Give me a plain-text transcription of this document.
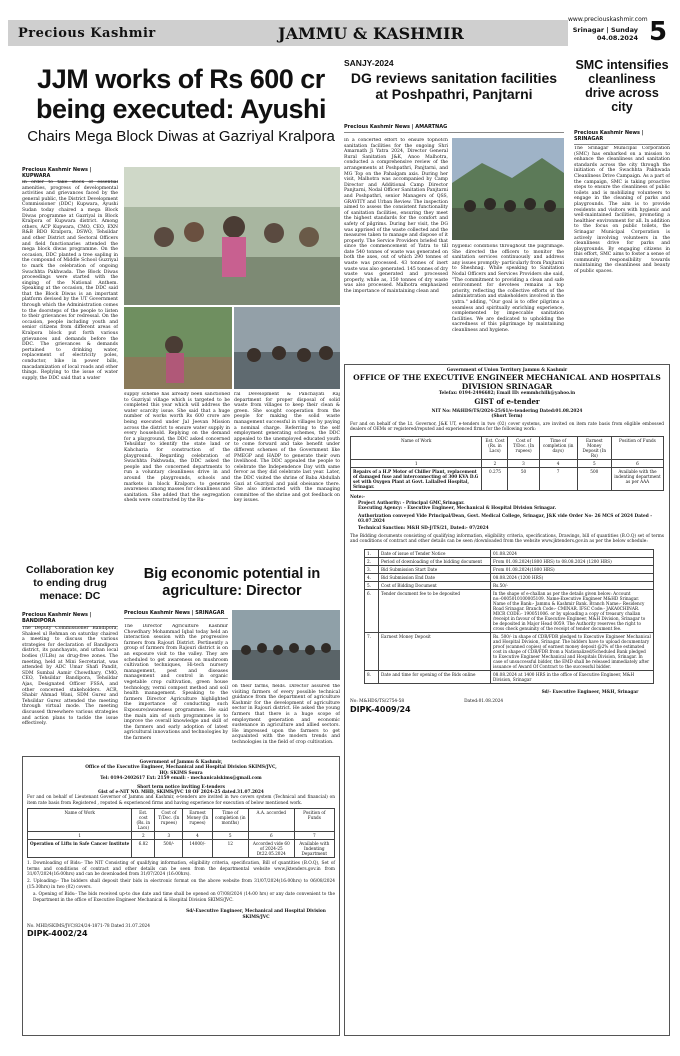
Precious Kashmir	JAMMU & KASHMIR
www.preciouskashmir.com
Srinagar | Sunday
04.08.2024 5
JJM works of Rs 600 cr being executed: Ayushi
Chairs Mega Block Diwas at Gazriyal Kralpora
Precious Kashmir News | KUPWARA
In order to take stock of essential amenities, progress of developmental activities and grievances faced by the general public, the District Development Commissioner (DDC) Kupwara, Ayushi Sudan today chaired a mega Block Diwas programme at Gazriyal in Block Kralpora of Kupwara district. Among others, ACP Kupwara, CMO, CEO, EXN R&B BDO Kralpora, DSWO, Tehsildar and other District and Sectoral Officers and field functionaries attended the mega block diwas programme. On the occasion, DDC planted a tree sapling in the compound of Middle School Guzriyal to mark the celebration of ongoing Swachhta Pakhwada. The Block Diwas proceedings were started with the singing of the National Anthem. Speaking at the occasion, the DDC said that the Block Diwas is an important platform devised by the UT Government through which the Administration comes to the doorsteps of the people to listen to their grievances for redressal. On the occasion, people including youth and senior citizens from different areas of Kralpora block put forth various grievances and demands before the DDC. The grievances & demands pertained to drinking water, replacement of electricity poles, conductor, bike in power bills, macadamization of local roads and other things. Replying to the issue of water supply, the DDC said that a water
supply scheme has already been sanctioned to Guzriyal village which is targeted to be completed this year which will address the water scarcity issue. She said that a huge number of works worth Rs 600 crore are being executed under Jal Jeevan Mission across the district to ensure water supply in every household. Replying on the demand for a playground, the DDC asked concerned Tehsildar to identify the state land or Kahcharia for construction of the playground. Regarding celebration of Swachhta Pakhwada, the DDC asked the people and the concerned departments to run a voluntary cleanliness drive in and around the playgrounds, schools and markets in block Kralpora to generate awareness among masses for cleanliness and sanitation. She added that the segregation sheds were constructed by the Ru-
ral Development & Panchayati Raj department for proper disposal of solid waste from villages to keep their clean & green. She sought cooperation from the people for making the solid waste management successful in villages by paying a nominal charge. Referring to the self employment generating schemes, the DDC appealed to the unemployed educated youth to come forward and take benefit under different schemes of the Government like PMEGP and HADP to generate their own livelihood. The DDC appealed the people to celebrate the Independence Day with same fervor as they did celebrate last year. Later, the DDC visited the shrine of Baba Abdullah Gazi at Guzriyal and paid obeisance there. She also interacted with the managing committee of the shrine and got feedback on key issues.
SANJY-2024
DG reviews sanitation facilities at Poshpathri, Panjtarni
Precious Kashmir News | AMARTNAG
In a concerted effort to ensure topnotch sanitation facilities for the ongoing Shri Amarnath Ji Yatra 2024, Director General Rural Sanitation J&K, Anoo Malhotra, conducted a comprehensive review of the arrangements at Poshpathri, Panjtarni, and MG Top on the Pahalgam axis. During her visit, Malhotra was accompanied by Camp Director and Additional Camp Director Panjtarni, Nodal Officer Sanitation Panjtarni and Poshpathri, senior Managers of QSS, GRAVITY and Urban Review. The inspection aimed to assess the consistent functionality of sanitation facilities, ensuring they meet the highest standards for the comfort and safety of pilgrims. During her visit, the DG was apprised of the waste collected and the measures taken to manage and dispose of it properly. The Service Providers briefed that since the commencement of Yatra to till date 540 tonnes of waste was generated on both the axes, out of which 290 tonnes of waste was processed. 43 tonnes of inert waste was also generated. 145 tonnes of dry waste was generated and processed properly, while as, 150 tonnes of dry waste was also processed. Malhotra emphasized the importance of maintaining clean and
hygienic conditions throughout the pilgrimage. She directed the officers to monitor the sanitation services continuously and address any issues promptly- particularly from Panjtarni to Sheshnag. While speaking to Sanitation Nodal Officers and Services Providers she said, "The commitment to providing a clean and safe environment for devotees remains a top priority, reflecting the collective efforts of the administration and stakeholders involved in the yatra." adding, "Our goal is to offer pilgrims a seamless and spiritually enriching experience, complemented by impeccable sanitation facilities. We are dedicated to upholding the sacredness of this pilgrimage by maintaining cleanliness and hygiene.
SMC intensifies cleanliness drive across city
Precious Kashmir News | SRINAGAR
The Srinagar Municipal Corporation (SMC) has embarked on a mission to enhance the cleanliness and sanitation standards across the city through the initiation of the Swachhta Pakhwada Cleanliness Drive Campaign. As a part of the campaign, SMC is taking proactive steps to ensure the cleanliness of public toilets and is mobilizing volunteers to engage in the cleaning of parks and playgrounds. The aim is to provide residents and visitors with hygienic and well-maintained facilities, promoting a healthier environment for all. In addition to the focus on public toilets, the Srinagar Municipal Corporation is actively involving volunteers in the cleanliness drive for parks and playgrounds. By engaging citizens in this effort, SMC aims to foster a sense of community responsibility towards maintaining the cleanliness and beauty of public spaces.
Collaboration key to ending drug menace: DC
Precious Kashmir News | BANDIPORA
The Deputy Commissioner Bandipora, Shakeel ul Rehman on saturday chaired a meeting to discuss the various strategies for declaration of Bandipora district, its panchayats, and urban local bodies (ULBs) as drug-free zones. The meeting, held at Mini Secretariat, was attended by ADC Umar Shafi Pandit, SDM Sumbal Aamir Chowdhary, CMO, CEO, Tehsildar Bandipora, Tehsildar Ajas, Designated Officer FSSA, and other concerned stakeholders. ACR, Shabir Ahmad Wani, SDM Gurez and Tehsildar Gurez attended the meeting through virtual mode. The meeting discussed threewhere various strategies and action plans to tackle the issue effectively.
Big economic potential in agriculture: Director
Precious Kashmir News | SRINAGAR
The Director Agriculture Kashmir Chowdhary Mohammad Iqbal today held an interaction session with the progressive farmers from Rajouri District. Pertinently a group of farmers from Rajouri district is on an exposure visit to the valley. They are scheduled to get awareness on mushroom cultivation techniques, Hi-tech nursery management, pest and diseases management and control in organic vegetable crop cultivation, green house technology, vermi compost method and soil health management. Speaking to the farmers Director Agriculture highlighted the importance of conducting such Exposure/awareness programmes. He said the main aim of such programmes is to improve the overall knowledge and skill of the farmers and early adoption of latest agricultural innovations and technologies by the farmers
on their farms, fields. Director assured the visiting farmers of every possible technical guidance from the department of agriculture Kashmir for the development of agriculture sector in Rajouri district. He asked the young farmers that there is a huge scope of employment generation and economic sustenance in agriculture and allied sectors. He impressed upon the farmers to get acquainted with the modern trends and technologies in the field of crop cultivation.
Government of Jammu & Kashmir,
Office of the Executive Engineer, Mechanical and Hospital Division SKIMS/JVC,
HQ: SKIMS Soura
Tel: 0194-2402617 Ext: 2159 email: - mechanicalskims@gmail.com
Short term notice inviting E-tenders
Gist of e-NIT NO. MHD, SKIMS/JVC 18 OF 2024-25 dated.31.07.2024
For and on behalf of Lieutenant Governor of Jammu and Kashmir, e-tenders are invited in two covers system (Technical and financial) on item rate basis from Registered , reputed & experienced firms and having experience for execution of below mentioned work.
Name of Work	Est. cost (Rs. in Lacs)	Cost of T/Doc. (In rupees)	Earnest Money (In rupees)	Time of completion (in months)	A.A. accorded	Position of Funds
1	2	3	4	5	6	7
Operation of Lifts in Safe Cancer Institute	6.82	500/-	14000/-	12	Accorded vide 60 of 2024-25 Dt22.05.2024	Available with Indenting Department
1. Downloading of Bids:- The NIT Consisting of qualifying information, eligibility criteria, specification, Bill of quantities (B.O.Q), Set of terms and conditions of contract and other details can be seen from the departmental website www.jktenders.gov.in from 31/07/2024(16:00hrs) and can be downloaded from 31/07/2024 (16:00hrs).
2. Uploading:- The bidders shall deposit their bids in electronic format on the above website from 31/07/2024(16:00hrs) to 06/08/2024 (15:30hrs) in two (02) covers.
a. Opening of Bids:- The bids received up-to due date and time shall be opened on 07/08/2024 (14:00 hrs) or any date convenient to the Department in the office of Executive Engineer Mechanical & Hospital Division SKIMS/JVC.
Sd/-Executive Engineer, Mechanical and Hospital Division SKIMS/JVC
No. MHD/SKIMS/JVC/824/24-1871-78 Dated 31.07.2024
DIPK-4002/24
Government of Union Territory Jammu & Kashmir
OFFICE OF THE EXECUTIVE ENGINEER MECHANICAL AND HOSPITALS DIVISION SRINAGAR
Telefax: 0194-2496682; Email ID: eemmhchilk@yahoo.in
GIST of e-tender
NIT No: M&HDS/TS/2024-25/61/e-tendering Dated:01.08.2024
(Short Term)
For and on behalf of the Lt. Governor, J&K UT, e-tenders in two (02) cover systems, are invited on item rate basis from eligible embossed dealers of OEMs or registered/reputed and experienced firms for the following work:
Name of Work	Est. Cost (Rs. in Lacs)	Cost of T/Doc. (In rupees)	Time of completion (in days)	Earnest Money Deposit (In Rs)	Position of Funds
1	2	3	4	5	6
Repairs of a H.P Motor of Chiller Plant, replacement of damaged fuse and interconnecting of 300 KVA D.G set with Oxygen Plant at Govt. LallaDed Hospital, Srinagar.	0.275	50	7	500	Available with the indenting department as per AAA
Note:-
Project Authority: - Principal GMC,Srinagar.
Executing Agency: - Executive Engineer, Mechanical & Hospital Division Srinagar.
Authorization conveyed Vide Principal/Dean, Govt. Medical College, Srinagar, J&K vide Order No- 26 MCS of 2024 Dated - 03.07.2024
Technical Sanction: M&H SD-J/TS/21, Dated:- 07/2024
The Bidding documents consisting of qualifying information, eligibility criteria, specifications, Drawings, bill of quantities (B.O.Q) set of terms and conditions of contract and other details can be seen /downloaded from the website www.jktenders.gov.in as per the below schedule:
1.	Date of issue of Tender Notice	01.08.2024
2.	Period of downloading of the bidding document	From 01.08.2024(1800 HRS) to 08.08.2024 (1200 HRS)
3.	Bid Submission Start Date	From 01.08.2024(1800 HRS)
4.	Bid Submission End Date	08.08.2024 (1200 HRS)
5.	Cost of Bidding Document	Rs.50/-
6.	Tender document fee to be deposited	In the shape of e-challan as per the details given below: Account no:-0005010100005109. Name-Executive Engineer M&HD Srinagar. Name of the Bank:- Jammu & Kashmir Bank. Branch Name:- Residency Road Srinagar. Branch Code:- CMINAR. IFSC Code:- JAKA0CHINAR. MICR CODE:- 190051006. or by uploading a copy of treasury challan /receipt in favour of the Executive Engineer, M&H Division, Srinagar to be deposited in Major Head 0059. The Authority reserves the right to cross check genuinity of the receipt of tender document fee.
7.	Earnest Money Deposit	Rs. 500/- in shape of CDR/FDR pledged to Executive Engineer Mechanical and Hospital Division, Srinagar. The bidders have to upload documentary proof (scanned copies) of earnest money deposit @2% of the estimated cost in shape of CDR/FDR from a Nationalized/Scheduled Bank pledged to Executive Engineer Mechanical and Hospitals Division, Srinagar. In case of unsuccessful bidder, the EMD shall be released immediately after issuance of Award Of Contract to the successful bidder.
8.	Date and time for opening of the Bids online	08.08.2024 at 1400 HRS in the office of Executive Engineer, M&H Division, Srinagar
Sd/- Executive Engineer, M&H, Srinagar
No: M&HDS/TS/2754-58	Dated:01.08.2024
DIPK-4009/24
